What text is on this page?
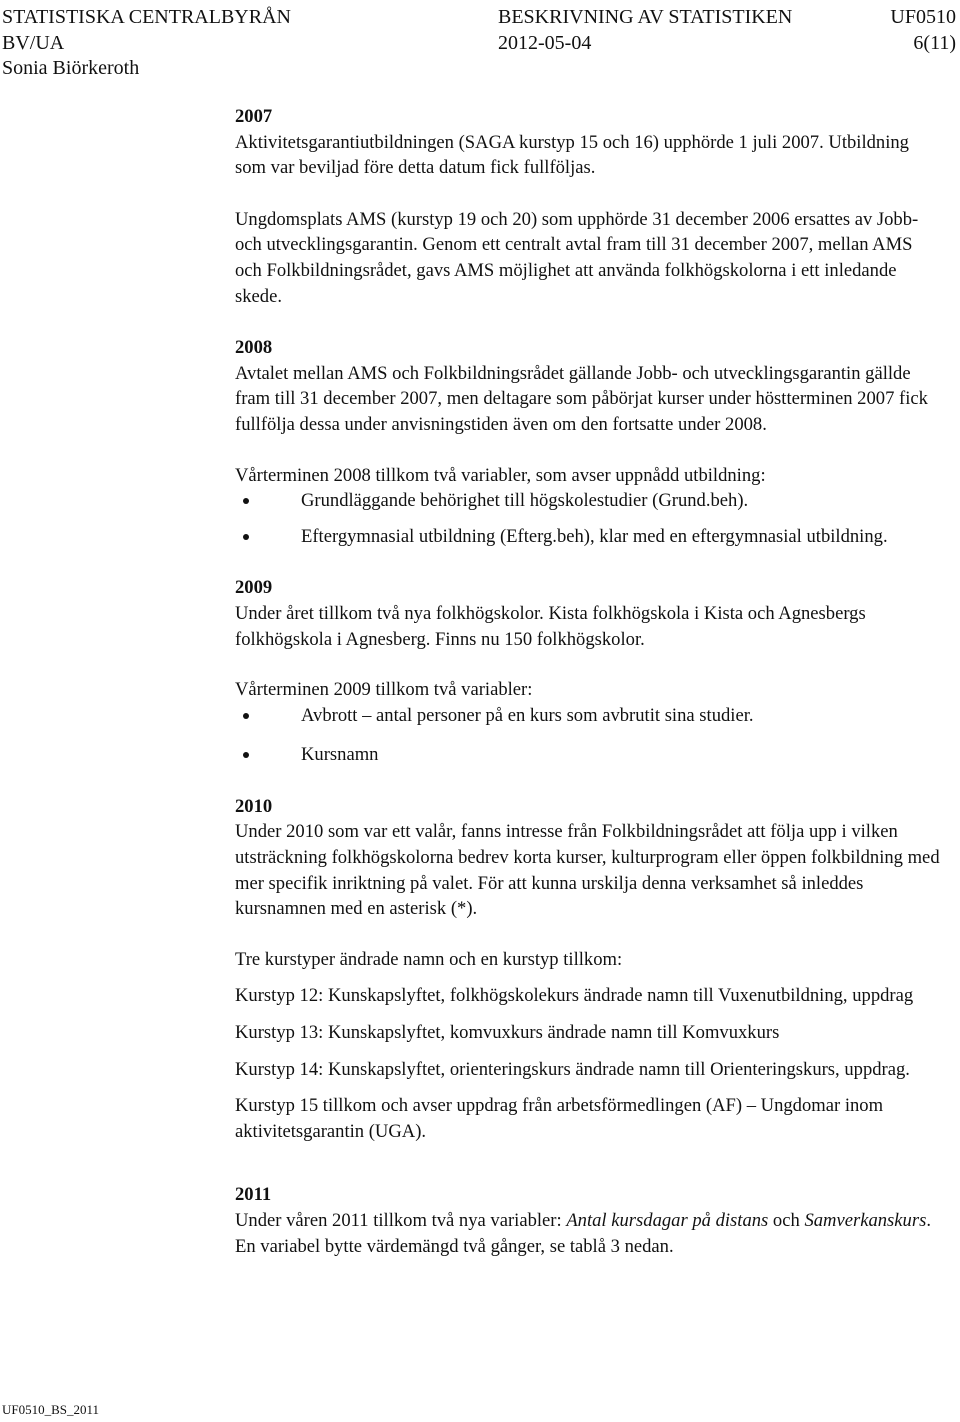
STATISTISKA CENTRALBYRÅN	BESKRIVNING AV STATISTIKEN	UF0510
BV/UA	2012-05-04	6(11)
Sonia Biörkeroth

2007

Aktivitetsgarantiutbildningen (SAGA kurstyp 15 och 16) upphörde 1 juli 2007. Utbildning som var beviljad före detta datum fick fullföljas.

Ungdomsplats AMS (kurstyp 19 och 20) som upphörde 31 december 2006 ersattes av Jobb- och utvecklingsgarantin. Genom ett centralt avtal fram till 31 december 2007, mellan AMS och Folkbildningsrådet, gavs AMS möjlighet att använda folkhögskolorna i ett inledande skede.

2008

Avtalet mellan AMS och Folkbildningsrådet gällande Jobb- och utvecklingsgarantin gällde fram till 31 december 2007, men deltagare som påbörjat kurser under höstterminen 2007 fick fullfölja dessa under anvisningstiden även om den fortsatte under 2008.

Vårterminen 2008 tillkom två variabler, som avser uppnådd utbildning:

Grundläggande behörighet till högskolestudier (Grund.beh).
Eftergymnasial utbildning (Efterg.beh), klar med en eftergymnasial utbildning.

2009

Under året tillkom två nya folkhögskolor. Kista folkhögskola i Kista och Agnesbergs folkhögskola i Agnesberg. Finns nu 150 folkhögskolor.

Vårterminen 2009 tillkom två variabler:

Avbrott – antal personer på en kurs som avbrutit sina studier.
Kursnamn

2010

Under 2010 som var ett valår, fanns intresse från Folkbildningsrådet att följa upp i vilken utsträckning folkhögskolorna bedrev korta kurser, kulturprogram eller öppen folkbildning med mer specifik inriktning på valet. För att kunna urskilja denna verksamhet så inleddes kursnamnen med en asterisk (*).

Tre kurstyper ändrade namn och en kurstyp tillkom:

Kurstyp 12: Kunskapslyftet, folkhögskolekurs ändrade namn till Vuxenutbildning, uppdrag

Kurstyp 13: Kunskapslyftet, komvuxkurs ändrade namn till Komvuxkurs

Kurstyp 14: Kunskapslyftet, orienteringskurs ändrade namn till Orienteringskurs, uppdrag.

Kurstyp 15 tillkom och avser uppdrag från arbetsförmedlingen (AF) – Ungdomar inom aktivitetsgarantin (UGA).

2011

Under våren 2011 tillkom två nya variabler: Antal kursdagar på distans och Samverkanskurs. En variabel bytte värdemängd två gånger, se tablå 3 nedan.

UF0510_BS_2011
